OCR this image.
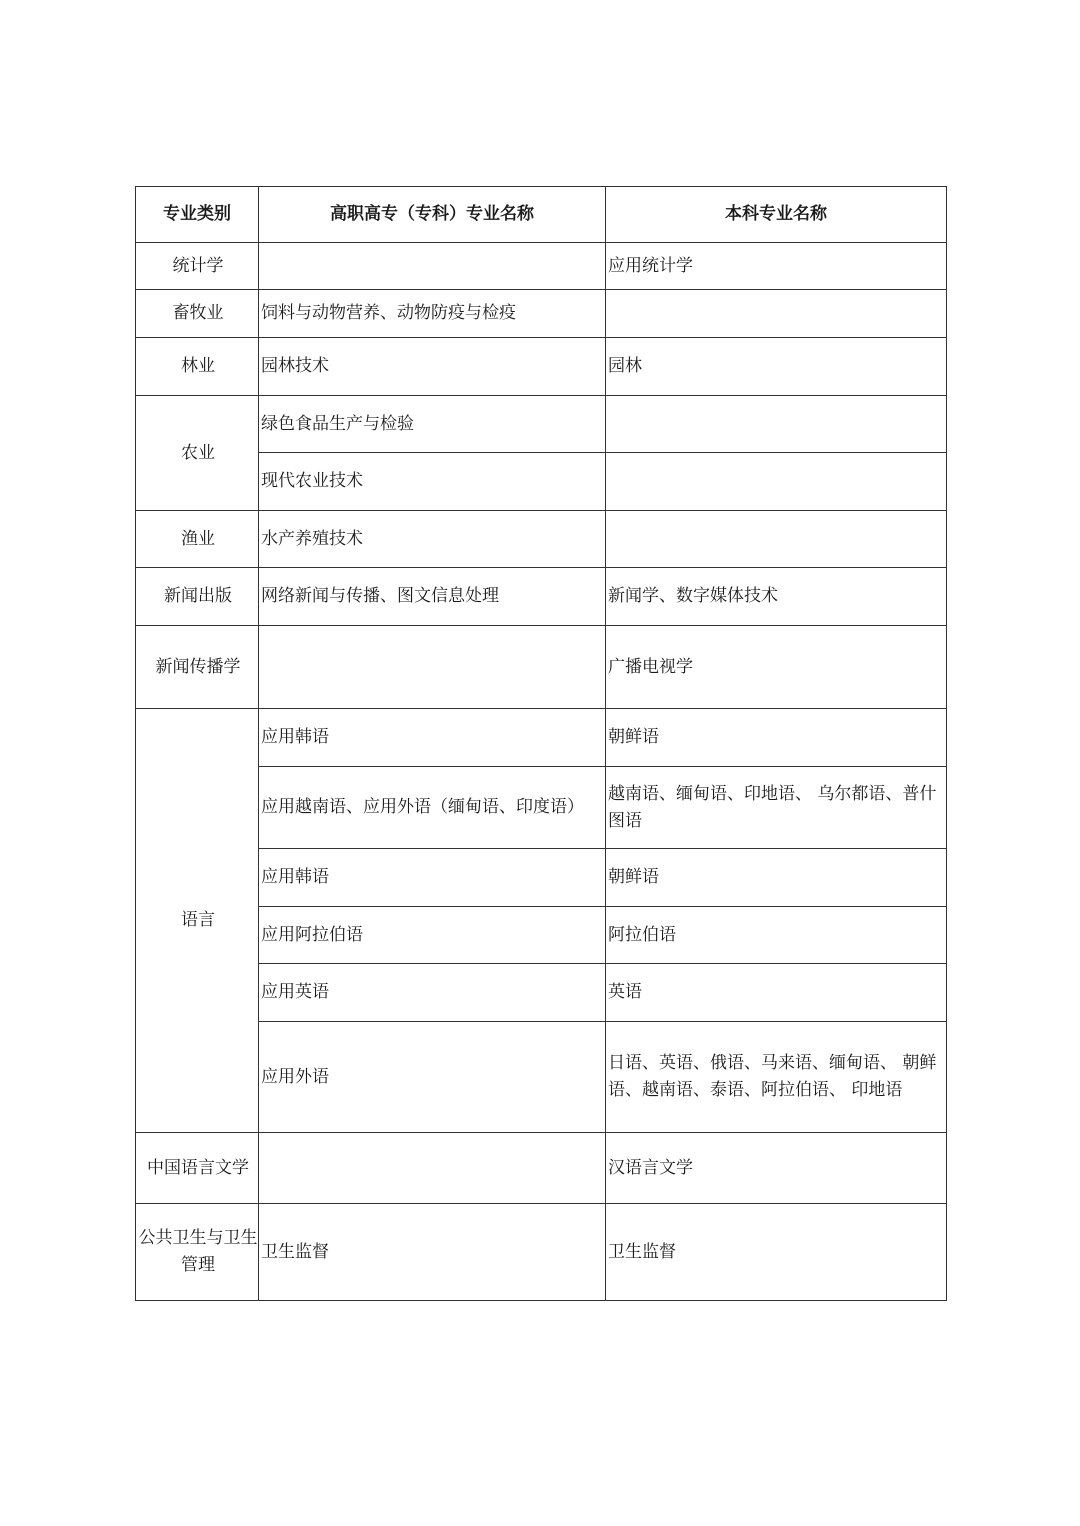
专业类别	高职高专（专科）专业名称	本科专业名称
统计学		应用统计学
畜牧业	饲料与动物营养、动物防疫与检疫	
林业	园林技术	园林
农业	绿色食品生产与检验	
	现代农业技术	
渔业	水产养殖技术	
新闻出版	网络新闻与传播、图文信息处理	新闻学、数字媒体技术
新闻传播学		广播电视学
语言	应用韩语	朝鲜语
	应用越南语、应用外语（缅甸语、印度语）	越南语、缅甸语、印地语、 乌尔都语、普什图语
	应用韩语	朝鲜语
	应用阿拉伯语	阿拉伯语
	应用英语	英语
	应用外语	日语、英语、俄语、马来语、缅甸语、 朝鲜语、越南语、泰语、阿拉伯语、 印地语
中国语言文学		汉语言文学
公共卫生与卫生管理	卫生监督	卫生监督
